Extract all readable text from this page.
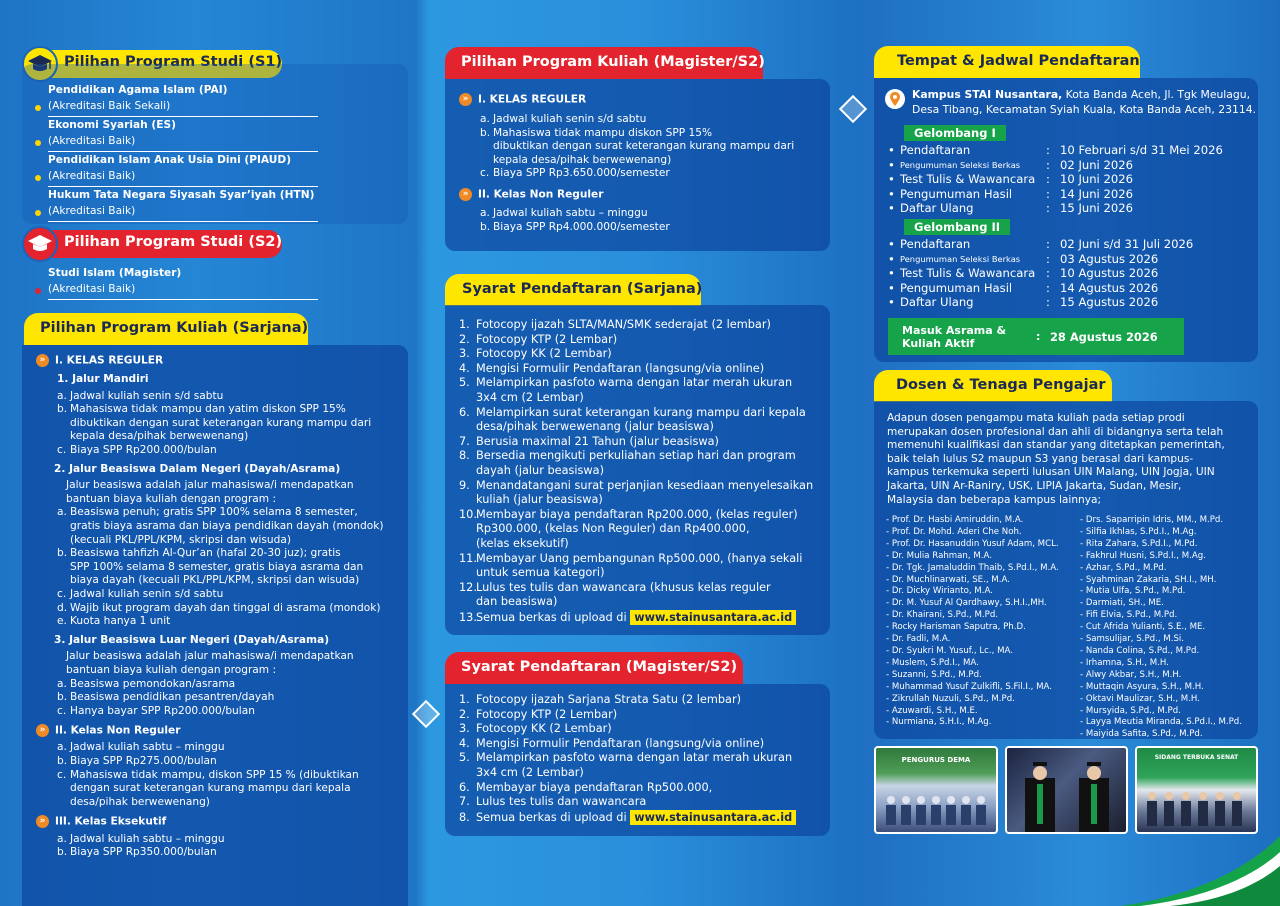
Pilihan Program Studi (S1)
Pendidikan Agama Islam (PAI)
(Akreditasi Baik Sekali)
Ekonomi Syariah (ES)
(Akreditasi Baik)
Pendidikan Islam Anak Usia Dini (PIAUD)
(Akreditasi Baik)
Hukum Tata Negara Siyasah Syar’iyah (HTN)
(Akreditasi Baik)
Pilihan Program Studi (S2)
Studi Islam (Magister)
(Akreditasi Baik)
Pilihan Program Kuliah (Sarjana)
» I. KELAS REGULER
1. Jalur Mandiri
a. Jadwal kuliah senin s/d sabtu
b. Mahasiswa tidak mampu dan yatim diskon SPP 15%
dibuktikan dengan surat keterangan kurang mampu dari
kepala desa/pihak berwewenang)
c. Biaya SPP Rp200.000/bulan
2. Jalur Beasiswa Dalam Negeri (Dayah/Asrama)
Jalur beasiswa adalah jalur mahasiswa/i mendapatkan
bantuan biaya kuliah dengan program :
a. Beasiswa penuh; gratis SPP 100% selama 8 semester,
gratis biaya asrama dan biaya pendidikan dayah (mondok)
(kecuali PKL/PPL/KPM, skripsi dan wisuda)
b. Beasiswa tahfizh Al-Qur’an (hafal 20-30 juz); gratis
SPP 100% selama 8 semester, gratis biaya asrama dan
biaya dayah (kecuali PKL/PPL/KPM, skripsi dan wisuda)
c. Jadwal kuliah senin s/d sabtu
d. Wajib ikut program dayah dan tinggal di asrama (mondok)
e. Kuota hanya 1 unit
3. Jalur Beasiswa Luar Negeri (Dayah/Asrama)
Jalur beasiswa adalah jalur mahasiswa/i mendapatkan
bantuan biaya kuliah dengan program :
a. Beasiswa pemondokan/asrama
b. Beasiswa pendidikan pesantren/dayah
c. Hanya bayar SPP Rp200.000/bulan
» II. Kelas Non Reguler
a. Jadwal kuliah sabtu – minggu
b. Biaya SPP Rp275.000/bulan
c. Mahasiswa tidak mampu, diskon SPP 15 % (dibuktikan
dengan surat keterangan kurang mampu dari kepala
desa/pihak berwewenang)
» III. Kelas Eksekutif
a. Jadwal kuliah sabtu – minggu
b. Biaya SPP Rp350.000/bulan
Pilihan Program Kuliah (Magister/S2)
» I. KELAS REGULER
a. Jadwal kuliah senin s/d sabtu
b. Mahasiswa tidak mampu diskon SPP 15%
dibuktikan dengan surat keterangan kurang mampu dari
kepala desa/pihak berwewenang)
c. Biaya SPP Rp3.650.000/semester
» II. Kelas Non Reguler
a. Jadwal kuliah sabtu – minggu
b. Biaya SPP Rp4.000.000/semester
Syarat Pendaftaran (Sarjana)
1. Fotocopy ijazah SLTA/MAN/SMK sederajat (2 lembar)
2. Fotocopy KTP (2 Lembar)
3. Fotocopy KK (2 Lembar)
4. Mengisi Formulir Pendaftaran (langsung/via online)
5. Melampirkan pasfoto warna dengan latar merah ukuran
3x4 cm (2 Lembar)
6. Melampirkan surat keterangan kurang mampu dari kepala
desa/pihak berwewenang (jalur beasiswa)
7. Berusia maximal 21 Tahun (jalur beasiswa)
8. Bersedia mengikuti perkuliahan setiap hari dan program
dayah (jalur beasiswa)
9. Menandatangani surat perjanjian kesediaan menyelesaikan
kuliah (jalur beasiswa)
10. Membayar biaya pendaftaran Rp200.000, (kelas reguler)
Rp300.000, (kelas Non Reguler) dan Rp400.000,
(kelas eksekutif)
11. Membayar Uang pembangunan Rp500.000, (hanya sekali
untuk semua kategori)
12. Lulus tes tulis dan wawancara (khusus kelas reguler
dan beasiswa)
13. Semua berkas di upload di
www.stainusantara.ac.id
Syarat Pendaftaran (Magister/S2)
1. Fotocopy ijazah Sarjana Strata Satu (2 lembar)
2. Fotocopy KTP (2 Lembar)
3. Fotocopy KK (2 Lembar)
4. Mengisi Formulir Pendaftaran (langsung/via online)
5. Melampirkan pasfoto warna dengan latar merah ukuran
3x4 cm (2 Lembar)
6. Membayar biaya pendaftaran Rp500.000,
7. Lulus tes tulis dan wawancara
8. Semua berkas di upload di
www.stainusantara.ac.id
Tempat & Jadwal Pendaftaran
Kampus STAI Nusantara, Kota Banda Aceh, Jl. Tgk Meulagu,
Desa Tibang, Kecamatan Syiah Kuala, Kota Banda Aceh, 23114.
Gelombang I
• Pendaftaran	: 10 Februari s/d 31 Mei 2026
• Pengumuman Seleksi Berkas	: 02 Juni 2026
• Test Tulis & Wawancara : 10 Juni 2026
• Pengumuman Hasil	: 14 Juni 2026
• Daftar Ulang	: 15 Juni 2026
Gelombang II
• Pendaftaran	: 02 Juni s/d 31 Juli 2026
• Pengumuman Seleksi Berkas	: 03 Agustus 2026
• Test Tulis & Wawancara : 10 Agustus 2026
• Pengumuman Hasil	: 14 Agustus 2026
• Daftar Ulang	: 15 Agustus 2026
Masuk Asrama &
Kuliah Aktif	: 28 Agustus 2026
Dosen & Tenaga Pengajar
Adapun dosen pengampu mata kuliah pada setiap prodi merupakan dosen profesional dan ahli di bidangnya serta telah memenuhi kualifikasi dan standar yang ditetapkan pemerintah, baik telah lulus S2 maupun S3 yang berasal dari kampus-kampus terkemuka seperti lulusan UIN Malang, UIN Jogja, UIN Jakarta, UIN Ar-Raniry, USK, LIPIA Jakarta, Sudan, Mesir, Malaysia dan beberapa kampus lainnya;
- Prof. Dr. Hasbi Amiruddin, M.A.
- Prof. Dr. Mohd. Aderi Che Noh.
- Prof. Dr. Hasanuddin Yusuf Adam, MCL.
- Dr. Mulia Rahman, M.A.
- Dr. Tgk. Jamaluddin Thaib, S.Pd.I., M.A.
- Dr. Muchlinarwati, SE., M.A.
- Dr. Dicky Wirianto, M.A.
- Dr. M. Yusuf Al Qardhawy, S.H.I.,MH.
- Dr. Khairani, S.Pd., M.Pd.
- Rocky Harisman Saputra, Ph.D.
- Dr. Fadli, M.A.
- Dr. Syukri M. Yusuf., Lc., MA.
- Muslem, S.Pd.I., MA.
- Suzanni, S.Pd., M.Pd.
- Muhammad Yusuf Zulkifli, S.Fil.I., MA.
- Zikrullah Nuzuli, S.Pd., M.Pd.
- Azuwardi, S.H., M.E.
- Nurmiana, S.H.I., M.Ag.
- Drs. Saparripin Idris, MM., M.Pd.
- Silfia Ikhlas, S.Pd.I., M.Ag.
- Rita Zahara, S.Pd.I., M.Pd.
- Fakhrul Husni, S.Pd.I., M.Ag.
- Azhar, S.Pd., M.Pd.
- Syahminan Zakaria, SH.I., MH.
- Mutia Ulfa, S.Pd., M.Pd.
- Darmiati, SH., ME.
- Fifi Elvia, S.Pd., M.Pd.
- Cut Afrida Yulianti, S.E., ME.
- Samsulijar, S.Pd., M.Si.
- Nanda Colina, S.Pd., M.Pd.
- Irhamna, S.H., M.H.
- Alwy Akbar, S.H., M.H.
- Muttaqin Asyura, S.H., M.H.
- Oktavi Maulizar, S.H., M.H.
- Mursyida, S.Pd., M.Pd.
- Layya Meutia Miranda, S.Pd.I., M.Pd.
- Maiyida Safita, S.Pd., M.Pd.
PENGURUS DEMA	SIDANG TERBUKA SENAT
